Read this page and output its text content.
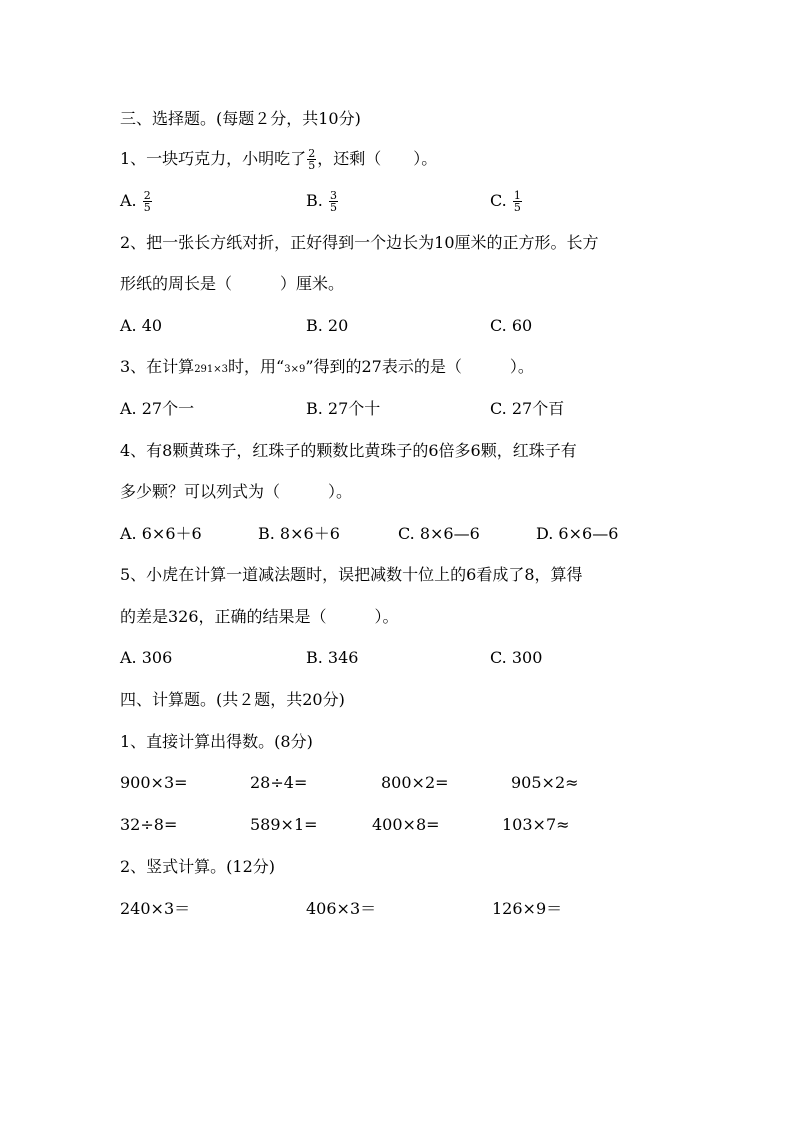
三、选择题。(每题２分，共10分)
1、一块巧克力，小明吃了 $\frac{2}{5}$ ，还剩（　　）。
A. $\frac{2}{5}$	B. $\frac{3}{5}$	C. $\frac{1}{5}$
2、把一张长方纸对折，正好得到一个边长为10厘米的正方形。长方
形纸的周长是（　　　）厘米。
A. 40	B. 20	C. 60
3、在计算291×3时，用“3×9”得到的27表示的是（　　　）。
A. 27个一	B. 27个十	C. 27个百
4、有8颗黄珠子，红珠子的颗数比黄珠子的6倍多6颗，红珠子有
多少颗？可以列式为（　　　）。
A. 6×6＋6	B. 8×6＋6	C. 8×6—6	D. 6×6—6
5、小虎在计算一道减法题时，误把减数十位上的6看成了8，算得
的差是326，正确的结果是（　　　）。
A. 306	B. 346	C. 300
四、计算题。(共２题，共20分)
1、直接计算出得数。(8分)
900×3=	28÷4=	800×2=	905×2≈
32÷8=	589×1=	400×8=	103×7≈
2、竖式计算。(12分)
240×3＝	406×3＝	126×9＝
